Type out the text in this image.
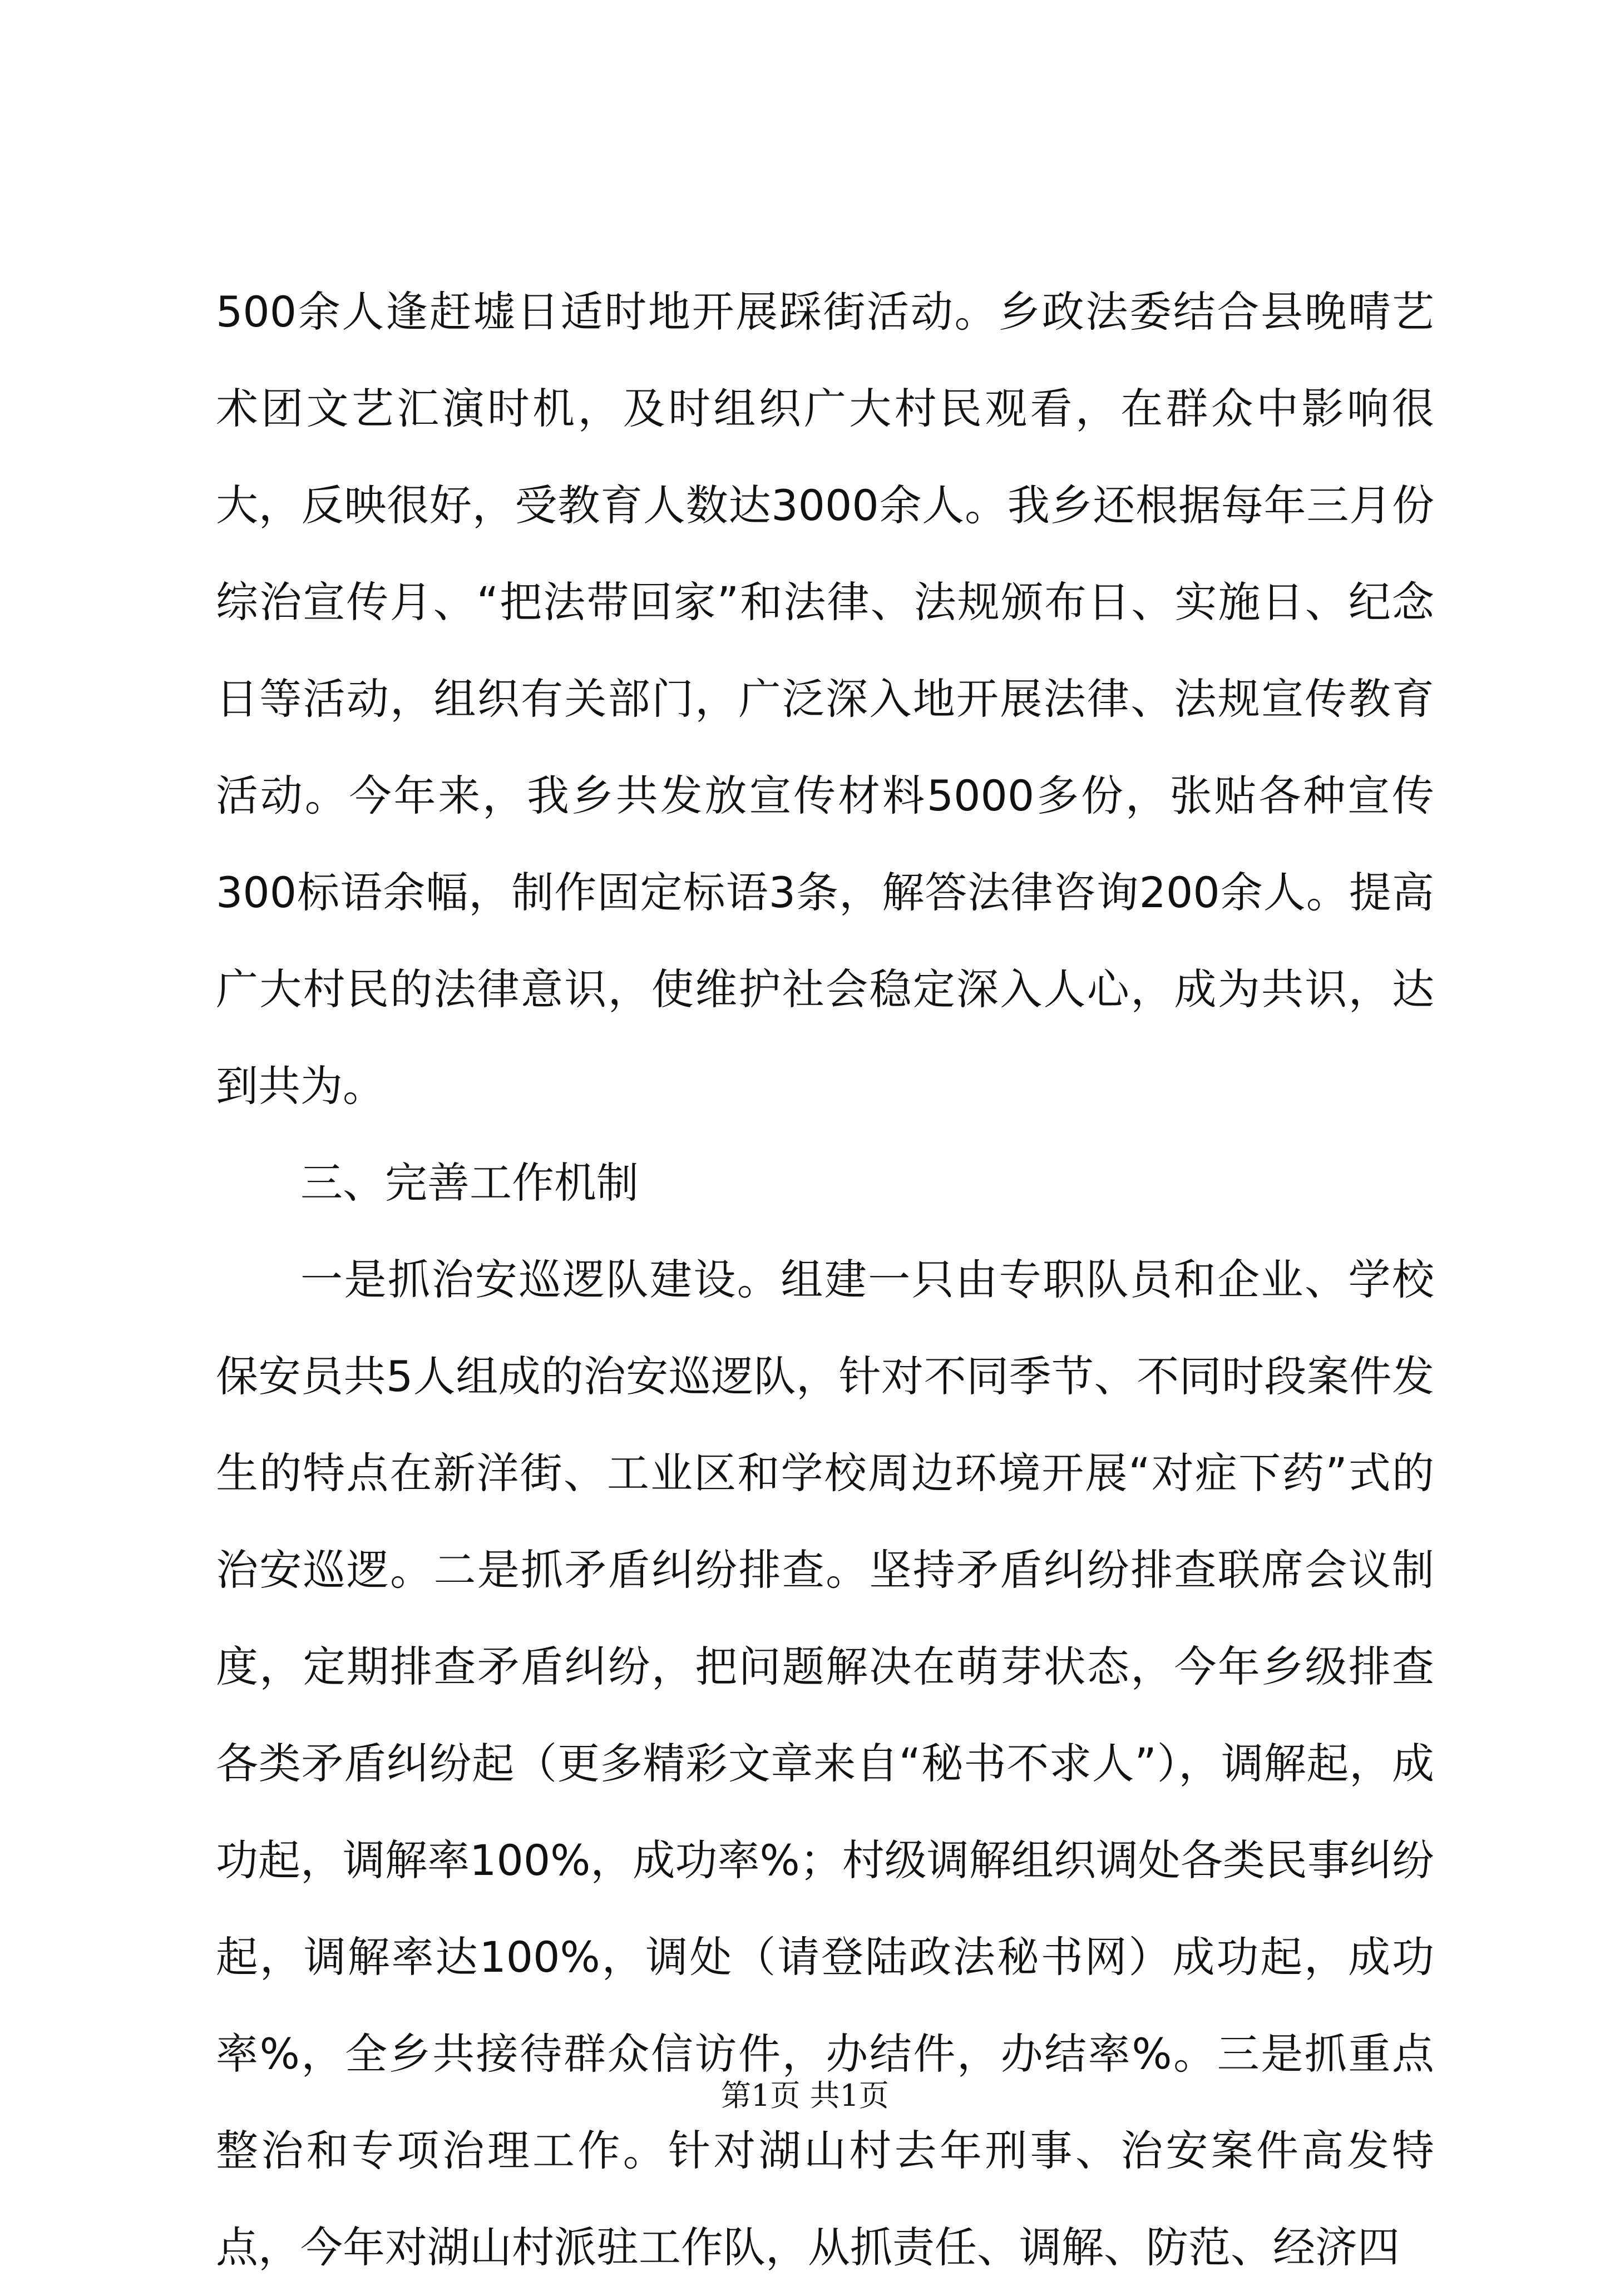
500余人逢赶墟日适时地开展踩街活动。乡政法委结合县晚晴艺术团文艺汇演时机，及时组织广大村民观看，在群众中影响很大，反映很好，受教育人数达3000余人。我乡还根据每年三月份综治宣传月、“把法带回家”和法律、法规颁布日、实施日、纪念日等活动，组织有关部门，广泛深入地开展法律、法规宣传教育活动。今年来，我乡共发放宣传材料5000多份，张贴各种宣传300标语余幅，制作固定标语3条，解答法律咨询200余人。提高广大村民的法律意识，使维护社会稳定深入人心，成为共识，达到共为。

三、完善工作机制

一是抓治安巡逻队建设。组建一只由专职队员和企业、学校保安员共5人组成的治安巡逻队，针对不同季节、不同时段案件发生的特点在新洋街、工业区和学校周边环境开展“对症下药”式的治安巡逻。二是抓矛盾纠纷排查。坚持矛盾纠纷排查联席会议制度，定期排查矛盾纠纷，把问题解决在萌芽状态，今年乡级排查各类矛盾纠纷起（更多精彩文章来自“秘书不求人”），调解起，成功起，调解率100%，成功率%；村级调解组织调处各类民事纠纷起，调解率达100%，调处（请登陆政法秘书网）成功起，成功率%，全乡共接待群众信访件，办结件，办结率%。三是抓重点整治和专项治理工作。针对湖山村去年刑事、治安案件高发特点，今年对湖山村派驻工作队，从抓责任、调解、防范、经济四

第1页 共1页
